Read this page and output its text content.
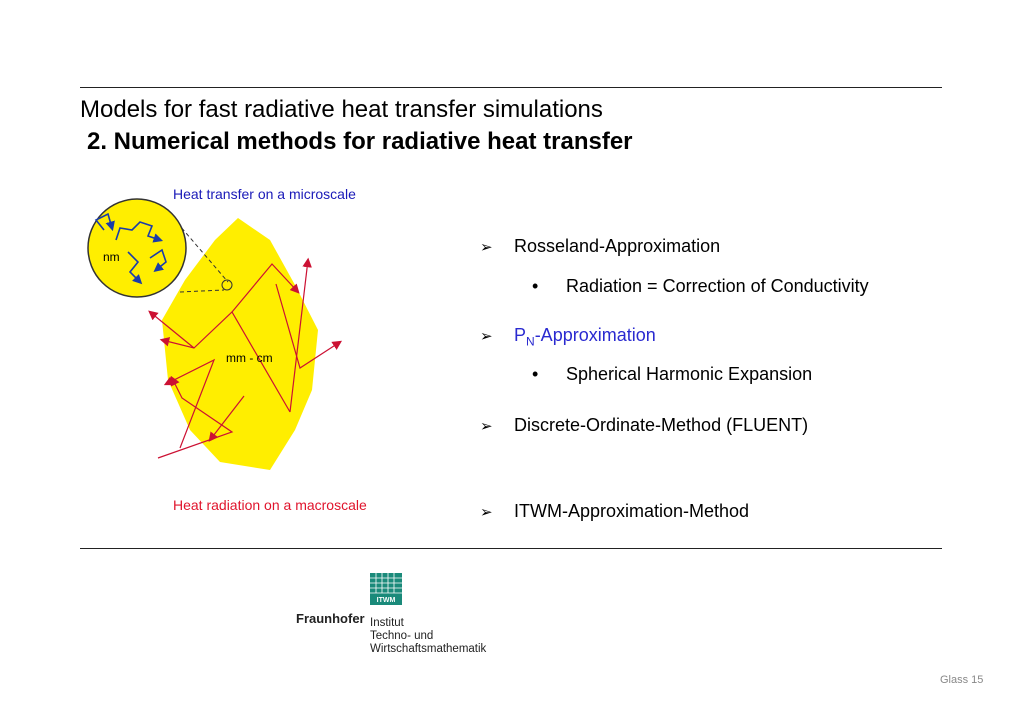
Models for fast radiative heat transfer simulations
2. Numerical methods for radiative heat transfer
Heat transfer on a microscale
nm
mm - cm
Heat radiation on a macroscale
➢ Rosseland-Approximation
• Radiation = Correction of Conductivity
➢ $P_N$-Approximation
• Spherical Harmonic Expansion
➢ Discrete-Ordinate-Method (FLUENT)
➢ ITWM-Approximation-Method
ITWM
Fraunhofer Institut
Techno- und
Wirtschaftsmathematik
Glass 15
